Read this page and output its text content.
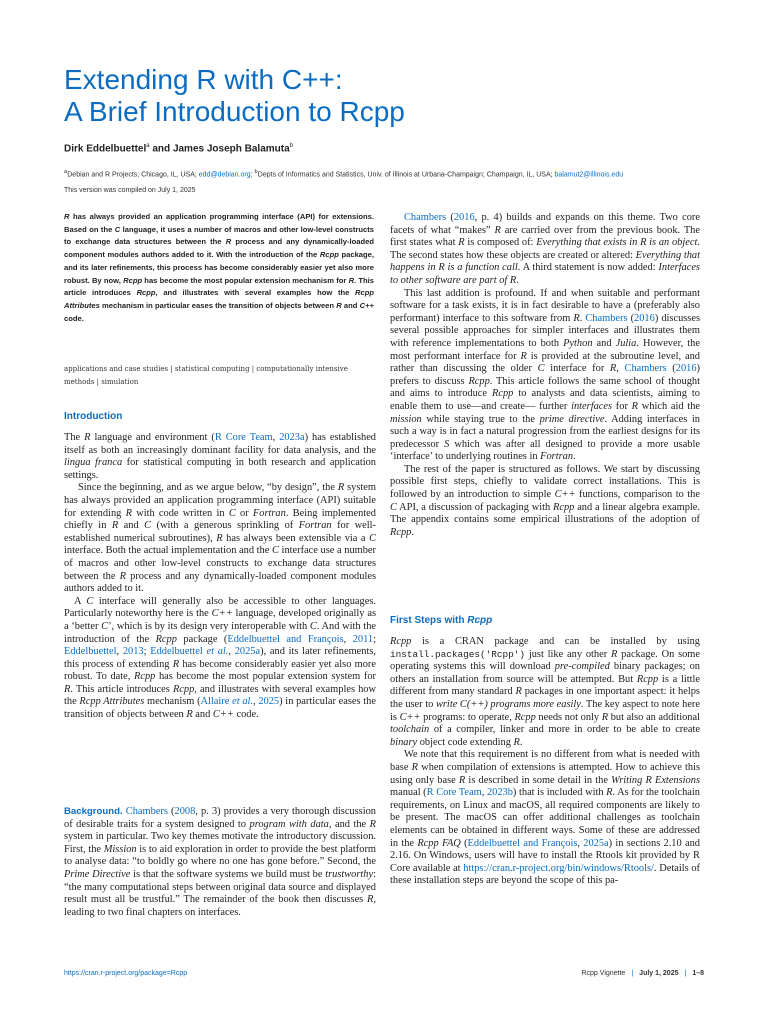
Extending R with C++:
A Brief Introduction to Rcpp
Dirk Eddelbuettel$^a$ and James Joseph Balamuta$^b$
$^a$Debian and R Projects; Chicago, IL, USA; edd@debian.org; $^b$Depts of Informatics and Statistics, Univ. of Illinois at Urbana-Champaign; Champaign, IL, USA; balamut2@illinois.edu
This version was compiled on July 1, 2025

R has always provided an application programming interface (API) for extensions. Based on the C language, it uses a number of macros and other low-level constructs to exchange data structures between the R process and any dynamically-loaded component modules authors added to it. With the introduction of the Rcpp package, and its later refinements, this process has become considerably easier yet also more robust. By now, Rcpp has become the most popular extension mechanism for R. This article introduces Rcpp, and illustrates with several examples how the Rcpp Attributes mechanism in particular eases the transition of objects between R and C++ code.

applications and case studies | statistical computing | computationally intensive methods | simulation

Introduction

The R language and environment (R Core Team, 2023a) has established itself as both an increasingly dominant facility for data analysis, and the lingua franca for statistical computing in both research and application settings.

Since the beginning, and as we argue below, “by design”, the R system has always provided an application programming interface (API) suitable for extending R with code written in C or Fortran. Being implemented chiefly in R and C (with a generous sprinkling of Fortran for well-established numerical subroutines), R has always been extensible via a C interface. Both the actual implementation and the C interface use a number of macros and other low-level constructs to exchange data structures between the R process and any dynamically-loaded component modules authors added to it.

A C interface will generally also be accessible to other languages. Particularly noteworthy here is the C++ language, developed originally as a ‘better C’, which is by its design very interoperable with C. And with the introduction of the Rcpp package (Eddelbuettel and François, 2011; Eddelbuettel, 2013; Eddelbuettel et al., 2025a), and its later refinements, this process of extending R has become considerably easier yet also more robust. To date, Rcpp has become the most popular extension system for R. This article introduces Rcpp, and illustrates with several examples how the Rcpp Attributes mechanism (Allaire et al., 2025) in particular eases the transition of objects between R and C++ code.

Background. Chambers (2008, p. 3) provides a very thorough discussion of desirable traits for a system designed to program with data, and the R system in particular. Two key themes motivate the introductory discussion. First, the Mission is to aid exploration in order to provide the best platform to analyse data: “to boldly go where no one has gone before.” Second, the Prime Directive is that the software systems we build must be trustworthy: “the many computational steps between original data source and displayed result must all be trustful.” The remainder of the book then discusses R, leading to two final chapters on interfaces.

Chambers (2016, p. 4) builds and expands on this theme. Two core facets of what “makes” R are carried over from the previous book. The first states what R is composed of: Everything that exists in R is an object. The second states how these objects are created or altered: Everything that happens in R is a function call. A third statement is now added: Interfaces to other software are part of R.

This last addition is profound. If and when suitable and performant software for a task exists, it is in fact desirable to have a (preferably also performant) interface to this software from R. Chambers (2016) discusses several possible approaches for simpler interfaces and illustrates them with reference implementations to both Python and Julia. However, the most performant interface for R is provided at the subroutine level, and rather than discussing the older C interface for R, Chambers (2016) prefers to discuss Rcpp. This article follows the same school of thought and aims to introduce Rcpp to analysts and data scientists, aiming to enable them to use—and create— further interfaces for R which aid the mission while staying true to the prime directive. Adding interfaces in such a way is in fact a natural progression from the earliest designs for its predecessor S which was after all designed to provide a more usable ‘interface’ to underlying routines in Fortran.

The rest of the paper is structured as follows. We start by discussing possible first steps, chiefly to validate correct installations. This is followed by an introduction to simple C++ functions, comparison to the C API, a discussion of packaging with Rcpp and a linear algebra example. The appendix contains some empirical illustrations of the adoption of Rcpp.

First Steps with Rcpp

Rcpp is a CRAN package and can be installed by using install.packages('Rcpp') just like any other R package. On some operating systems this will download pre-compiled binary packages; on others an installation from source will be attempted. But Rcpp is a little different from many standard R packages in one important aspect: it helps the user to write C(++) programs more easily. The key aspect to note here is C++ programs: to operate, Rcpp needs not only R but also an additional toolchain of a compiler, linker and more in order to be able to create binary object code extending R.

We note that this requirement is no different from what is needed with base R when compilation of extensions is attempted. How to achieve this using only base R is described in some detail in the Writing R Extensions manual (R Core Team, 2023b) that is included with R. As for the toolchain requirements, on Linux and macOS, all required components are likely to be present. The macOS can offer additional challenges as toolchain elements can be obtained in different ways. Some of these are addressed in the Rcpp FAQ (Eddelbuettel and François, 2025a) in sections 2.10 and 2.16. On Windows, users will have to install the Rtools kit provided by R Core available at https://cran.r-project.org/bin/windows/Rtools/. Details of these installation steps are beyond the scope of this pa-

https://cran.r-project.org/package=Rcpp	Rcpp Vignette | July 1, 2025 | 1–8
